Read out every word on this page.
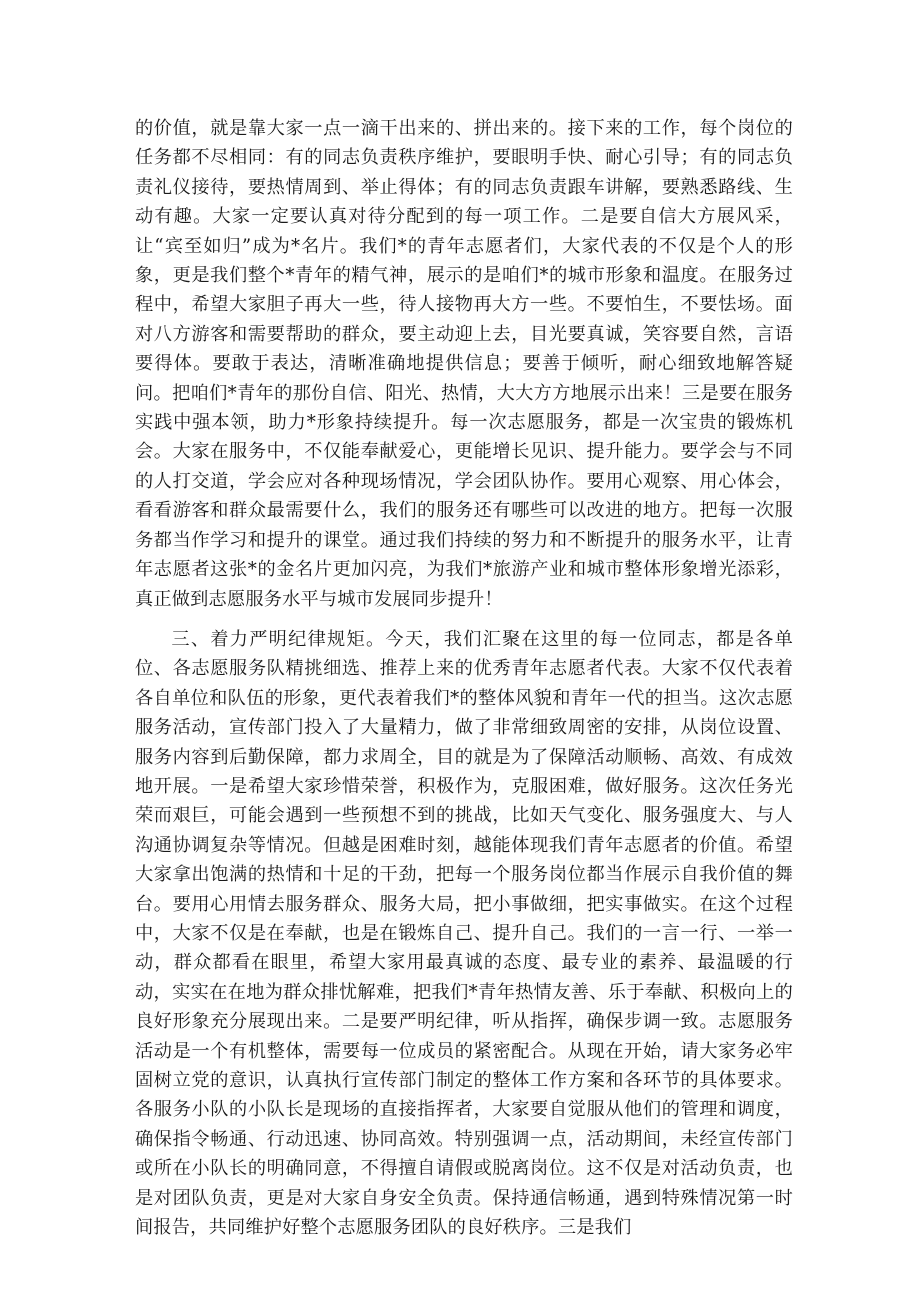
的价值，就是靠大家一点一滴干出来的、拼出来的。接下来的工作，每个岗位的任务都不尽相同：有的同志负责秩序维护，要眼明手快、耐心引导；有的同志负责礼仪接待，要热情周到、举止得体；有的同志负责跟车讲解，要熟悉路线、生动有趣。大家一定要认真对待分配到的每一项工作。二是要自信大方展风采，让“宾至如归”成为*名片。我们*的青年志愿者们，大家代表的不仅是个人的形象，更是我们整个*青年的精气神，展示的是咱们*的城市形象和温度。在服务过程中，希望大家胆子再大一些，待人接物再大方一些。不要怕生，不要怯场。面对八方游客和需要帮助的群众，要主动迎上去，目光要真诚，笑容要自然，言语要得体。要敢于表达，清晰准确地提供信息；要善于倾听，耐心细致地解答疑问。把咱们*青年的那份自信、阳光、热情，大大方方地展示出来！三是要在服务实践中强本领，助力*形象持续提升。每一次志愿服务，都是一次宝贵的锻炼机会。大家在服务中，不仅能奉献爱心，更能增长见识、提升能力。要学会与不同的人打交道，学会应对各种现场情况，学会团队协作。要用心观察、用心体会，看看游客和群众最需要什么，我们的服务还有哪些可以改进的地方。把每一次服务都当作学习和提升的课堂。通过我们持续的努力和不断提升的服务水平，让青年志愿者这张*的金名片更加闪亮，为我们*旅游产业和城市整体形象增光添彩，真正做到志愿服务水平与城市发展同步提升！

三、着力严明纪律规矩。今天，我们汇聚在这里的每一位同志，都是各单位、各志愿服务队精挑细选、推荐上来的优秀青年志愿者代表。大家不仅代表着各自单位和队伍的形象，更代表着我们*的整体风貌和青年一代的担当。这次志愿服务活动，宣传部门投入了大量精力，做了非常细致周密的安排，从岗位设置、服务内容到后勤保障，都力求周全，目的就是为了保障活动顺畅、高效、有成效地开展。一是希望大家珍惜荣誉，积极作为，克服困难，做好服务。这次任务光荣而艰巨，可能会遇到一些预想不到的挑战，比如天气变化、服务强度大、与人沟通协调复杂等情况。但越是困难时刻，越能体现我们青年志愿者的价值。希望大家拿出饱满的热情和十足的干劲，把每一个服务岗位都当作展示自我价值的舞台。要用心用情去服务群众、服务大局，把小事做细，把实事做实。在这个过程中，大家不仅是在奉献，也是在锻炼自己、提升自己。我们的一言一行、一举一动，群众都看在眼里，希望大家用最真诚的态度、最专业的素养、最温暖的行动，实实在在地为群众排忧解难，把我们*青年热情友善、乐于奉献、积极向上的良好形象充分展现出来。二是要严明纪律，听从指挥，确保步调一致。志愿服务活动是一个有机整体，需要每一位成员的紧密配合。从现在开始，请大家务必牢固树立党的意识，认真执行宣传部门制定的整体工作方案和各环节的具体要求。各服务小队的小队长是现场的直接指挥者，大家要自觉服从他们的管理和调度，确保指令畅通、行动迅速、协同高效。特别强调一点，活动期间，未经宣传部门或所在小队长的明确同意，不得擅自请假或脱离岗位。这不仅是对活动负责，也是对团队负责，更是对大家自身安全负责。保持通信畅通，遇到特殊情况第一时间报告，共同维护好整个志愿服务团队的良好秩序。三是我们
